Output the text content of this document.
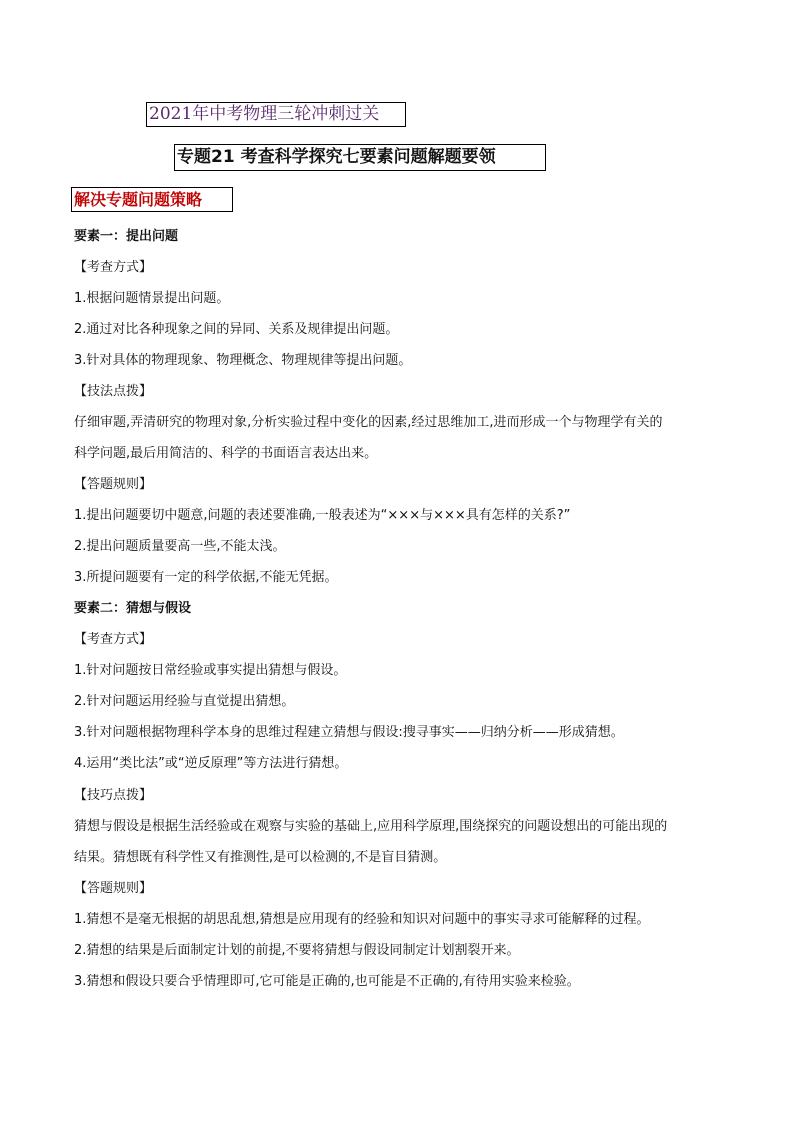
2021年中考物理三轮冲刺过关
专题21 考查科学探究七要素问题解题要领
解决专题问题策略
要素一：提出问题
【考查方式】
1.根据问题情景提出问题。
2.通过对比各种现象之间的异同、关系及规律提出问题。
3.针对具体的物理现象、物理概念、物理规律等提出问题。
【技法点拨】
仔细审题,弄清研究的物理对象,分析实验过程中变化的因素,经过思维加工,进而形成一个与物理学有关的
科学问题,最后用简洁的、科学的书面语言表达出来。
【答题规则】
1.提出问题要切中题意,问题的表述要准确,一般表述为“×××与×××具有怎样的关系?”
2.提出问题质量要高一些,不能太浅。
3.所提问题要有一定的科学依据,不能无凭据。
要素二：猜想与假设
【考查方式】
1.针对问题按日常经验或事实提出猜想与假设。
2.针对问题运用经验与直觉提出猜想。
3.针对问题根据物理科学本身的思维过程建立猜想与假设:搜寻事实——归纳分析——形成猜想。
4.运用“类比法”或“逆反原理”等方法进行猜想。
【技巧点拨】
猜想与假设是根据生活经验或在观察与实验的基础上,应用科学原理,围绕探究的问题设想出的可能出现的
结果。猜想既有科学性又有推测性,是可以检测的,不是盲目猜测。
【答题规则】
1.猜想不是毫无根据的胡思乱想,猜想是应用现有的经验和知识对问题中的事实寻求可能解释的过程。
2.猜想的结果是后面制定计划的前提,不要将猜想与假设同制定计划割裂开来。
3.猜想和假设只要合乎情理即可,它可能是正确的,也可能是不正确的,有待用实验来检验。
